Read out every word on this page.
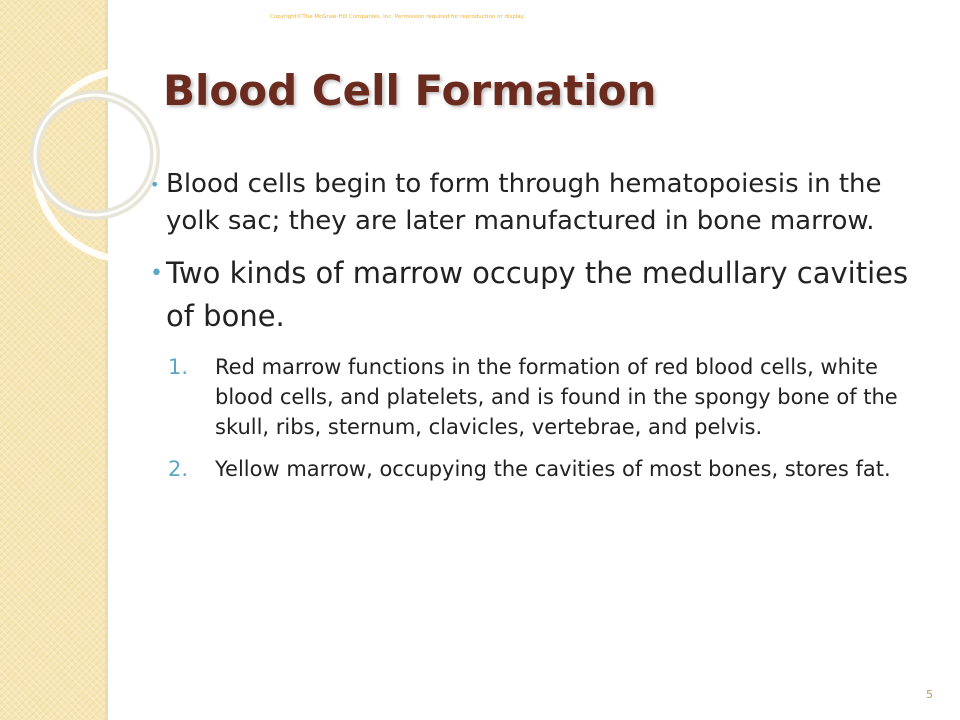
Copyright©The McGraw-Hill Companies, Inc. Permission required for reproduction or display.
Blood Cell Formation
• Blood cells begin to form through hematopoiesis in the yolk sac; they are later manufactured in bone marrow.
• Two kinds of marrow occupy the medullary cavities of bone.
1. Red marrow functions in the formation of red blood cells, white blood cells, and platelets, and is found in the spongy bone of the skull, ribs, sternum, clavicles, vertebrae, and pelvis.
2. Yellow marrow, occupying the cavities of most bones, stores fat.
5
